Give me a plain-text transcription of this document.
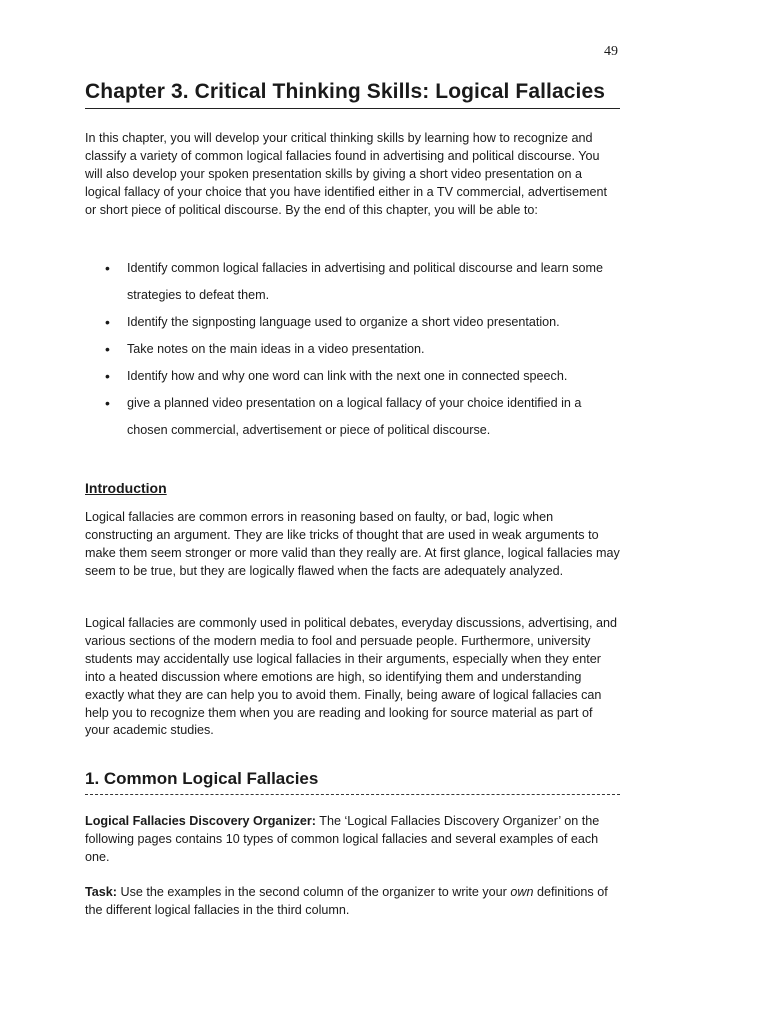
49
Chapter 3. Critical Thinking Skills: Logical Fallacies

In this chapter, you will develop your critical thinking skills by learning how to recognize and classify a variety of common logical fallacies found in advertising and political discourse. You will also develop your spoken presentation skills by giving a short video presentation on a logical fallacy of your choice that you have identified either in a TV commercial, advertisement or short piece of political discourse. By the end of this chapter, you will be able to:

• Identify common logical fallacies in advertising and political discourse and learn some strategies to defeat them.
• Identify the signposting language used to organize a short video presentation.
• Take notes on the main ideas in a video presentation.
• Identify how and why one word can link with the next one in connected speech.
• give a planned video presentation on a logical fallacy of your choice identified in a chosen commercial, advertisement or piece of political discourse.
Introduction

Logical fallacies are common errors in reasoning based on faulty, or bad, logic when constructing an argument. They are like tricks of thought that are used in weak arguments to make them seem stronger or more valid than they really are. At first glance, logical fallacies may seem to be true, but they are logically flawed when the facts are adequately analyzed.

Logical fallacies are commonly used in political debates, everyday discussions, advertising, and various sections of the modern media to fool and persuade people. Furthermore, university students may accidentally use logical fallacies in their arguments, especially when they enter into a heated discussion where emotions are high, so identifying them and understanding exactly what they are can help you to avoid them. Finally, being aware of logical fallacies can help you to recognize them when you are reading and looking for source material as part of your academic studies.

1. Common Logical Fallacies

Logical Fallacies Discovery Organizer: The ‘Logical Fallacies Discovery Organizer’ on the following pages contains 10 types of common logical fallacies and several examples of each one.

Task: Use the examples in the second column of the organizer to write your own definitions of the different logical fallacies in the third column.
